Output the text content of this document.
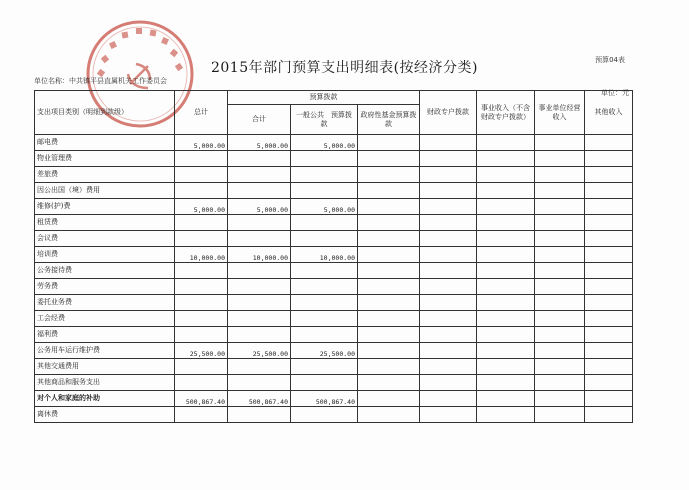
2015年部门预算支出明细表(按经济分类)	预算04表
单位名称：中共镇平县直属机关工作委员会
单位：元
支出项目类别（明细到款级）	总计	预算拨款			财政专户拨款	事业收入（不含财政专户拨款）	事业单位经营收入	其他收入
		合计	一般公共　预算拨款	政府性基金预算拨款				
邮电费	5,000.00	5,000.00	5,000.00					
物业管理费								
差旅费								
因公出国（境）费用								
维修(护)费	5,000.00	5,000.00	5,000.00					
租赁费								
会议费								
培训费	10,000.00	10,000.00	10,000.00					
公务接待费								
劳务费								
委托业务费								
工会经费								
福利费								
公务用车运行维护费	25,500.00	25,500.00	25,500.00					
其他交通费用								
其他商品和服务支出								
对个人和家庭的补助	500,867.40	500,867.40	500,867.40					
离休费								
